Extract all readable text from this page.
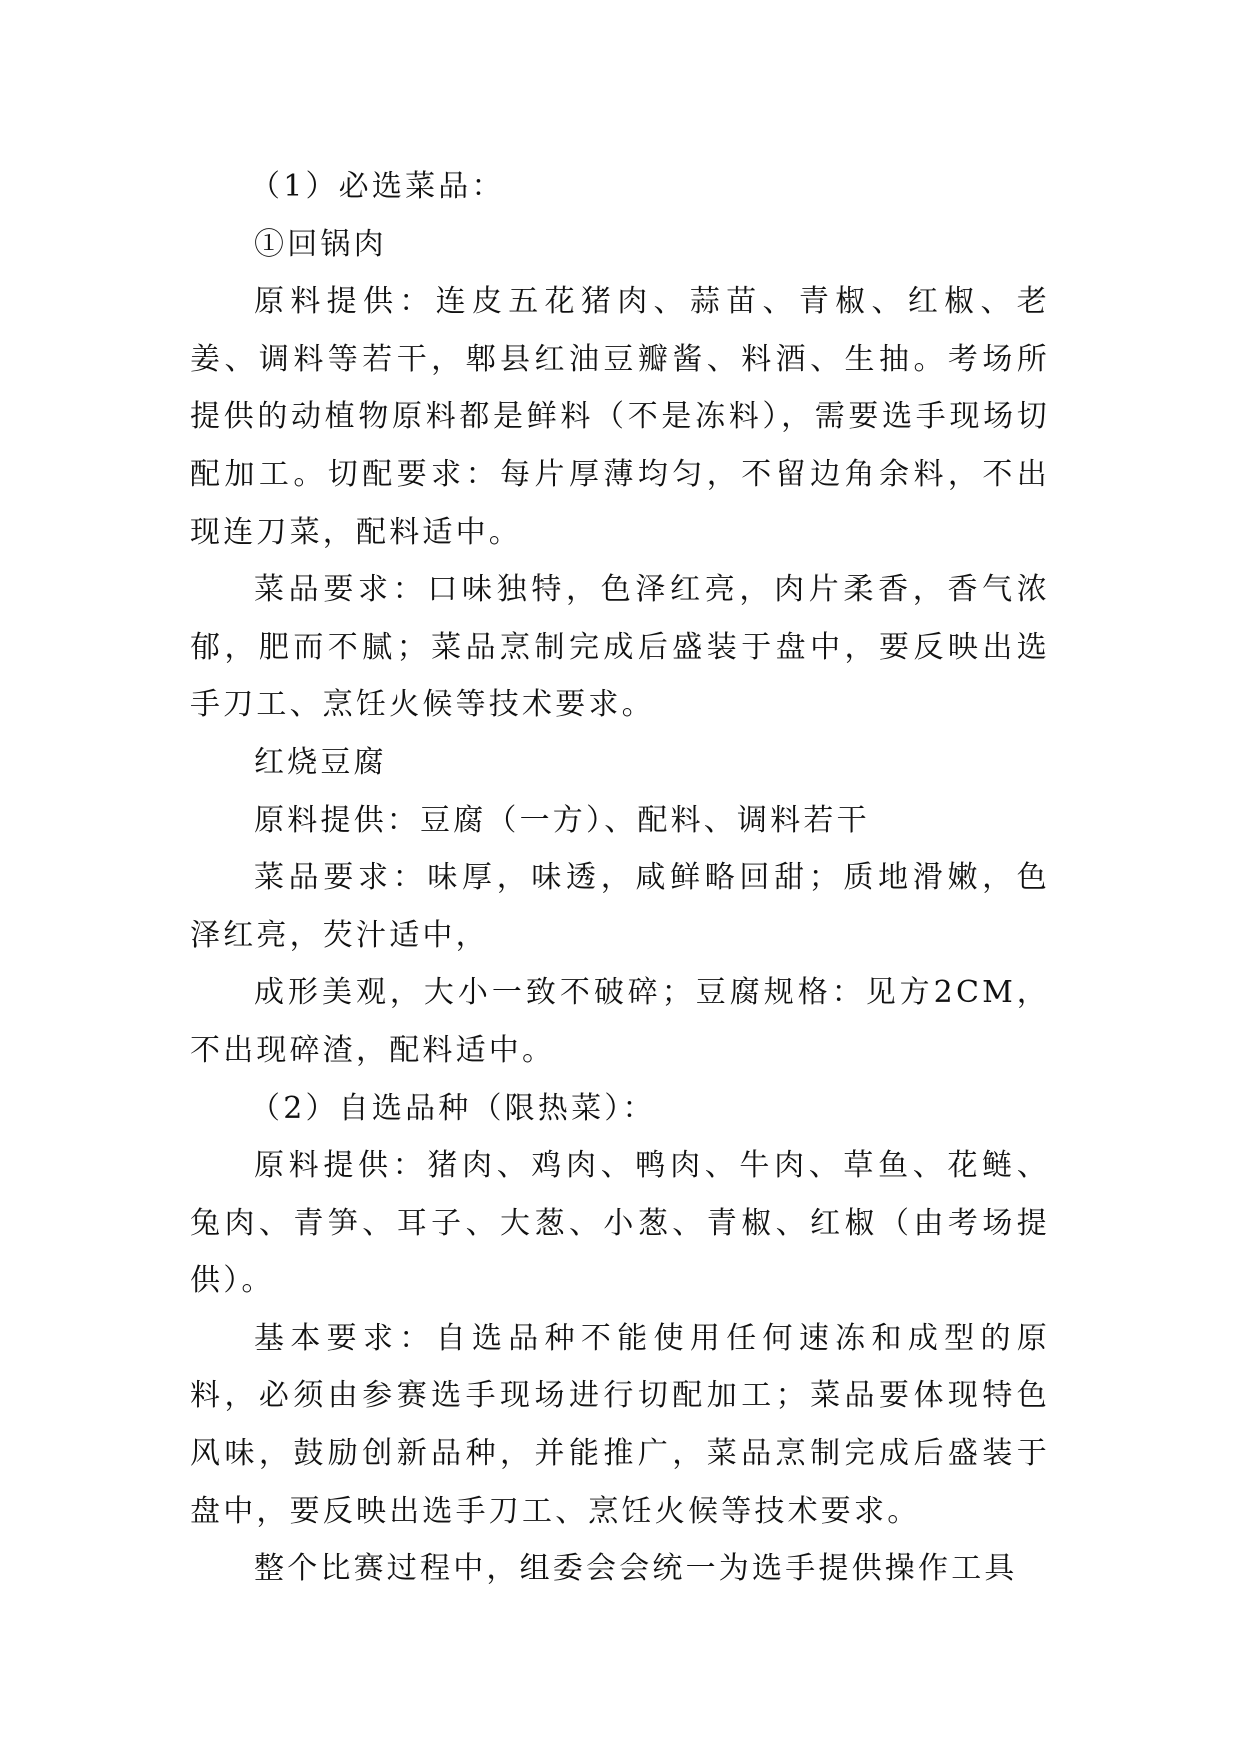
（1）必选菜品：

①回锅肉

原料提供：连皮五花猪肉、蒜苗、青椒、红椒、老姜、调料等若干，郫县红油豆瓣酱、料酒、生抽。考场所提供的动植物原料都是鲜料（不是冻料），需要选手现场切配加工。切配要求：每片厚薄均匀，不留边角余料，不出现连刀菜，配料适中。

菜品要求：口味独特，色泽红亮，肉片柔香，香气浓郁，肥而不腻；菜品烹制完成后盛装于盘中，要反映出选手刀工、烹饪火候等技术要求。

红烧豆腐

原料提供：豆腐（一方）、配料、调料若干

菜品要求：味厚，味透，咸鲜略回甜；质地滑嫩，色泽红亮，芡汁适中，

成形美观，大小一致不破碎；豆腐规格：见方2CM，不出现碎渣，配料适中。

（2）自选品种（限热菜）：

原料提供：猪肉、鸡肉、鸭肉、牛肉、草鱼、花鲢、兔肉、青笋、耳子、大葱、小葱、青椒、红椒（由考场提供）。

基本要求：自选品种不能使用任何速冻和成型的原料，必须由参赛选手现场进行切配加工；菜品要体现特色风味，鼓励创新品种，并能推广，菜品烹制完成后盛装于盘中，要反映出选手刀工、烹饪火候等技术要求。

整个比赛过程中，组委会会统一为选手提供操作工具
